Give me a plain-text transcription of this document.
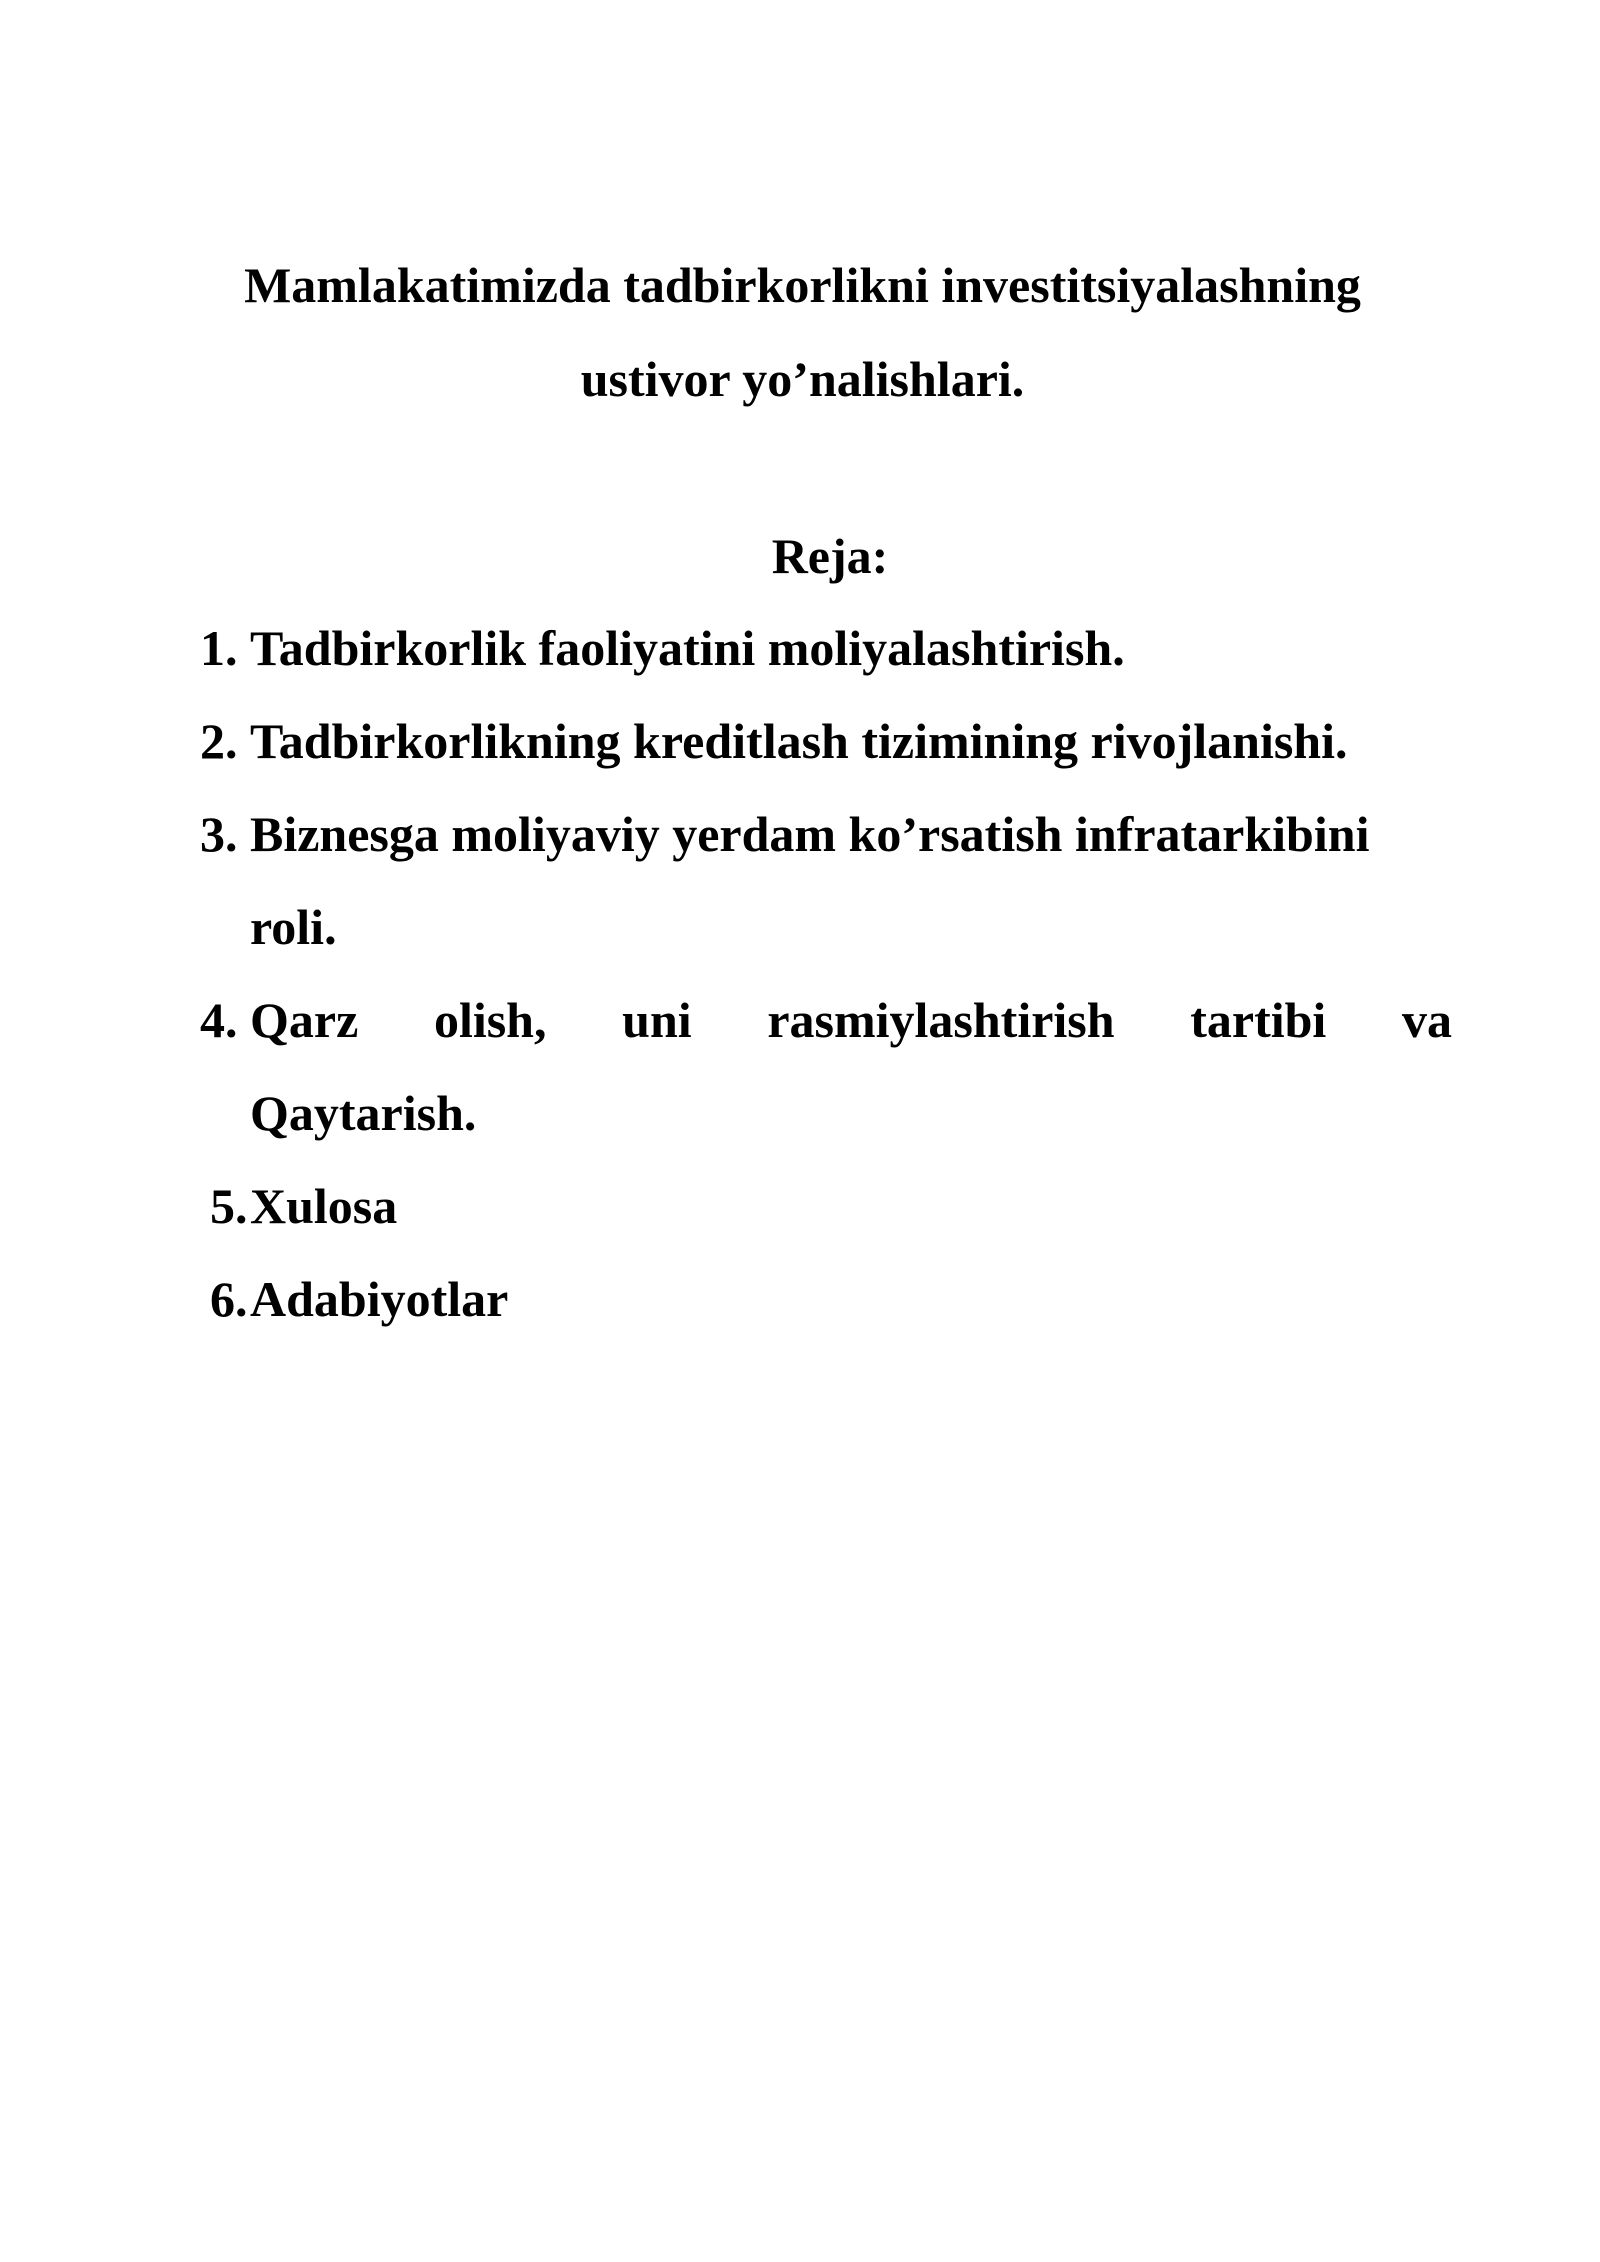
Mamlakatimizda tadbirkorlikni investitsiyalashning
ustivor yo’nalishlari.
Reja:
1. Tadbirkorlik faoliyatini moliyalashtirish.
2. Tadbirkorlikning kreditlash tizimining rivojlanishi.
3. Biznesga moliyaviy yerdam ko’rsatish infratarkibini
roli.
4. Qarz olish, uni rasmiylashtirish tartibi va
Qaytarish.
5. Xulosa
6. Adabiyotlar
